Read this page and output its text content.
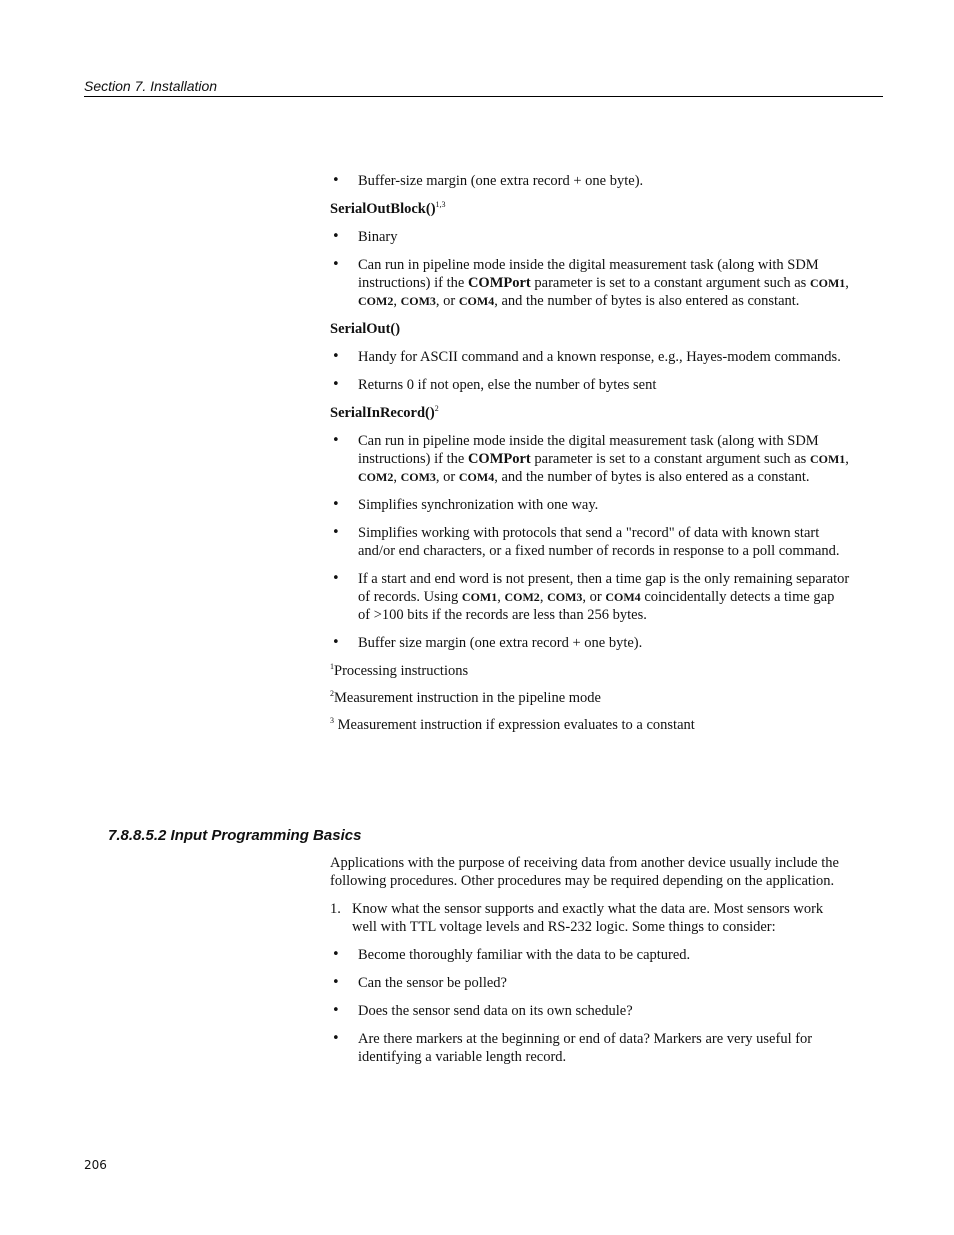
Section 7. Installation
• Buffer-size margin (one extra record + one byte).
SerialOutBlock()$^{1,3}$
• Binary
• Can run in pipeline mode inside the digital measurement task (along with SDM instructions) if the COMPort parameter is set to a constant argument such as COM1, COM2, COM3, or COM4, and the number of bytes is also entered as constant.
SerialOut()
• Handy for ASCII command and a known response, e.g., Hayes-modem commands.
• Returns 0 if not open, else the number of bytes sent
SerialInRecord()$^2$
• Can run in pipeline mode inside the digital measurement task (along with SDM instructions) if the COMPort parameter is set to a constant argument such as COM1, COM2, COM3, or COM4, and the number of bytes is also entered as a constant.
• Simplifies synchronization with one way.
• Simplifies working with protocols that send a "record" of data with known start and/or end characters, or a fixed number of records in response to a poll command.
• If a start and end word is not present, then a time gap is the only remaining separator of records. Using COM1, COM2, COM3, or COM4 coincidentally detects a time gap of >100 bits if the records are less than 256 bytes.
• Buffer size margin (one extra record + one byte).
$^1$Processing instructions
$^2$Measurement instruction in the pipeline mode
$^3$ Measurement instruction if expression evaluates to a constant
7.8.8.5.2 Input Programming Basics
Applications with the purpose of receiving data from another device usually include the following procedures. Other procedures may be required depending on the application.
1. Know what the sensor supports and exactly what the data are. Most sensors work well with TTL voltage levels and RS-232 logic. Some things to consider:
• Become thoroughly familiar with the data to be captured.
• Can the sensor be polled?
• Does the sensor send data on its own schedule?
• Are there markers at the beginning or end of data? Markers are very useful for identifying a variable length record.
206
